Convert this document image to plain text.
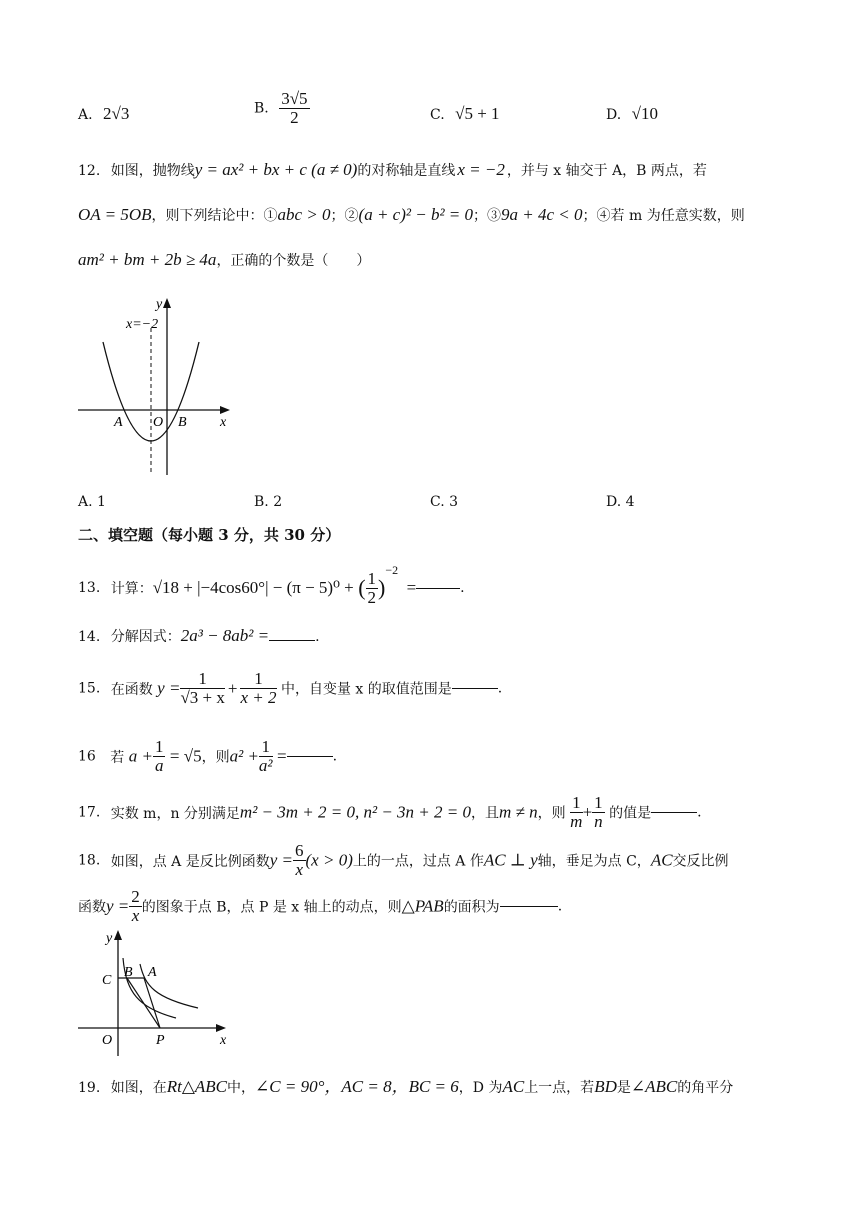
A. 2√3	B. $\frac{3√5}{2}$	C. √5 + 1	D. √10
12. 如图，抛物线y = ax² + bx + c (a ≠ 0)的对称轴是直线 x = −2 ，并与 x 轴交于 A，B 两点，若
OA = 5OB，则下列结论中：①abc > 0；②(a + c)² − b² = 0；③9a + 4c < 0；④若 m 为任意实数，则
am² + bm + 2b ≥ 4a，正确的个数是（　　）
y
x
x=−2
A O B
A. 1	B. 2	C. 3	D. 4
二、填空题（每小题 3 分，共 30 分）
13. 计算：√18 + |−4cos60°| − (π − 5)⁰ + ( $\frac{1}{2} )^{-2}$ =	.
14. 分解因式：2a³ − 8ab² =	.
15. 在函数 $y = \frac{1}{√3 + x} + \frac{1}{x + 2}$ 中，自变量 x 的取值范围是	.
16 若 $a + \frac{1}{a} = √5$，则$a^2 + \frac{1}{\text{a²}}$ =	.
17. 实数 m，n 分别满足m² − 3m + 2 = 0, n² − 3n + 2 = 0，且m ≠ n，则 $\frac{1}{m} + \frac{1}{n}$ 的值是	.
18. 如图，点 A 是反比例函数$y = \frac{6}{x} (x > 0)$上的一点，过点 A 作AC ⊥ y轴，垂足为点 C，AC交反比例
函数$y = \frac{2}{x}$ 的图象于点 B，点 P 是 x 轴上的动点，则△PAB的面积为	.
y
x
C
B A
O	P
19. 如图，在Rt△ABC中，∠C = 90°，AC = 8，BC = 6，D 为AC上一点，若BD是∠ABC的角平分
